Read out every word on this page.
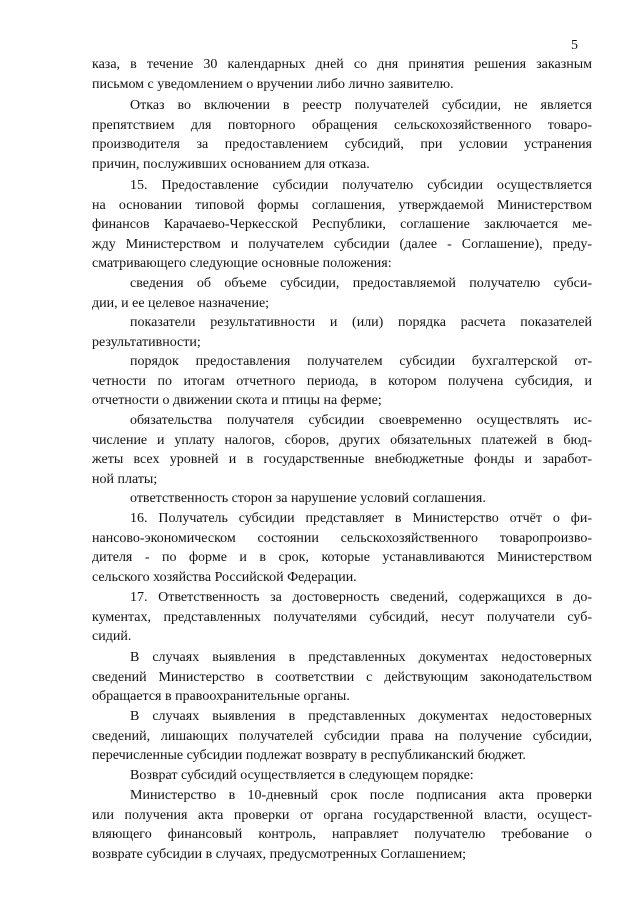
5
каза, в течение 30 календарных дней со дня принятия решения заказным
письмом с уведомлением о вручении либо лично заявителю.
Отказ во включении в реестр получателей субсидии, не является
препятствием для повторного обращения сельскохозяйственного товаро-
производителя за предоставлением субсидий, при условии устранения
причин, послуживших основанием для отказа.
15. Предоставление субсидии получателю субсидии осуществляется
на основании типовой формы соглашения, утверждаемой Министерством
финансов Карачаево-Черкесской Республики, соглашение заключается ме-
жду Министерством и получателем субсидии (далее - Соглашение), преду-
сматривающего следующие основные положения:
сведения об объеме субсидии, предоставляемой получателю субси-
дии, и ее целевое назначение;
показатели результативности и (или) порядка расчета показателей
результативности;
порядок предоставления получателем субсидии бухгалтерской от-
четности по итогам отчетного периода, в котором получена субсидия, и
отчетности о движении скота и птицы на ферме;
обязательства получателя субсидии своевременно осуществлять ис-
числение и уплату налогов, сборов, других обязательных платежей в бюд-
жеты всех уровней и в государственные внебюджетные фонды и заработ-
ной платы;
ответственность сторон за нарушение условий соглашения.
16. Получатель субсидии представляет в Министерство отчёт о фи-
нансово-экономическом состоянии сельскохозяйственного товаропроизво-
дителя - по форме и в срок, которые устанавливаются Министерством
сельского хозяйства Российской Федерации.
17. Ответственность за достоверность сведений, содержащихся в до-
кументах, представленных получателями субсидий, несут получатели суб-
сидий.
В случаях выявления в представленных документах недостоверных
сведений Министерство в соответствии с действующим законодательством
обращается в правоохранительные органы.
В случаях выявления в представленных документах недостоверных
сведений, лишающих получателей субсидии права на получение субсидии,
перечисленные субсидии подлежат возврату в республиканский бюджет.
Возврат субсидий осуществляется в следующем порядке:
Министерство в 10-дневный срок после подписания акта проверки
или получения акта проверки от органа государственной власти, осущест-
вляющего финансовый контроль, направляет получателю требование о
возврате субсидии в случаях, предусмотренных Соглашением;
